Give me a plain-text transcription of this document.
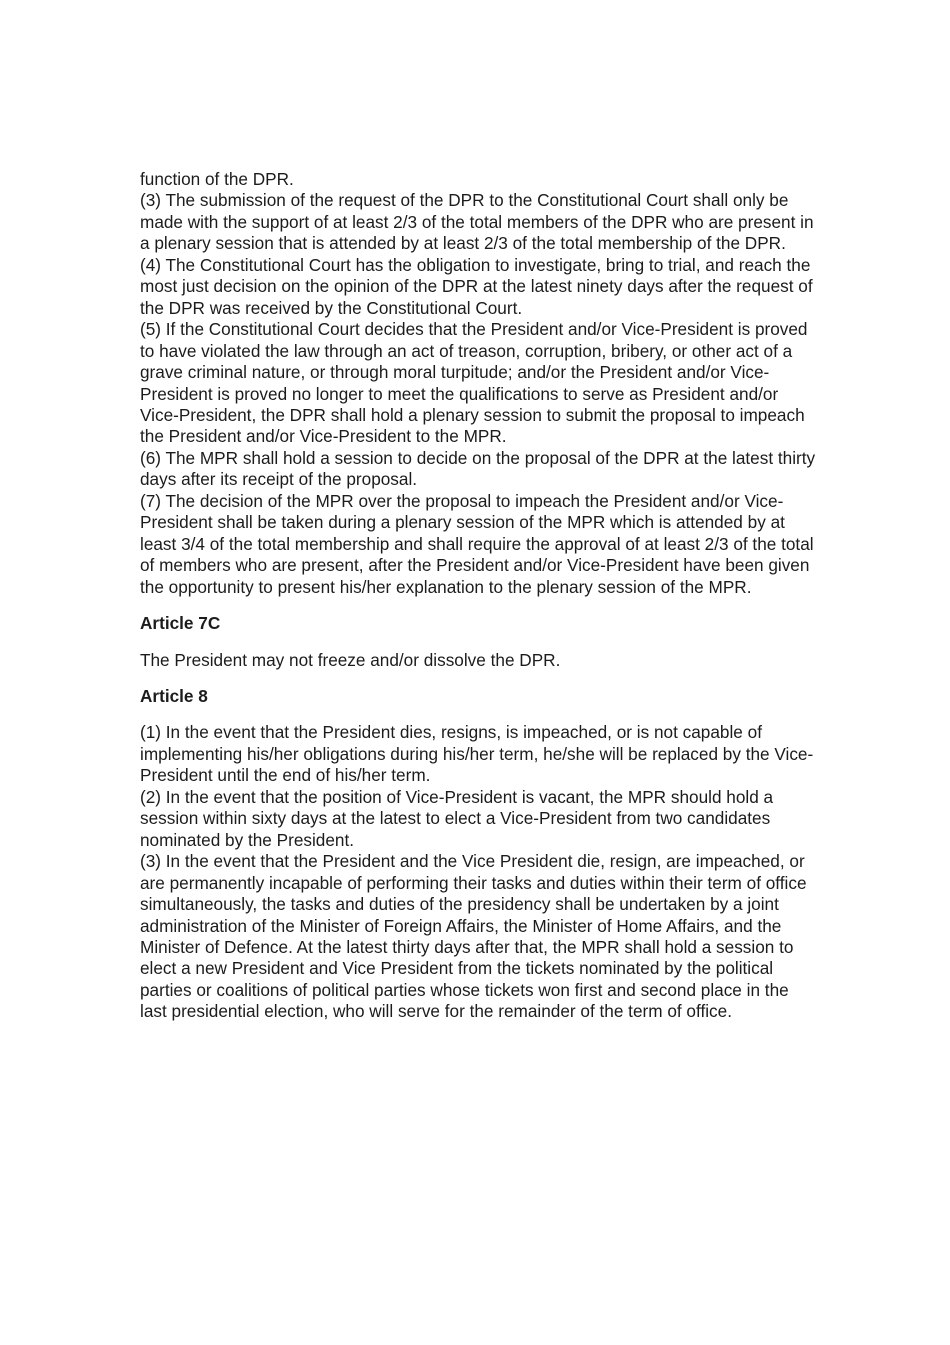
function of the DPR.

(3) The submission of the request of the DPR to the Constitutional Court shall only be made with the support of at least 2/3 of the total members of the DPR who are present in a plenary session that is attended by at least 2/3 of the total membership of the DPR.

(4) The Constitutional Court has the obligation to investigate, bring to trial, and reach the most just decision on the opinion of the DPR at the latest ninety days after the request of the DPR was received by the Constitutional Court.

(5) If the Constitutional Court decides that the President and/or Vice-President is proved to have violated the law through an act of treason, corruption, bribery, or other act of a grave criminal nature, or through moral turpitude; and/or the President and/or Vice-President is proved no longer to meet the qualifications to serve as President and/or Vice-President, the DPR shall hold a plenary session to submit the proposal to impeach the President and/or Vice-President to the MPR.

(6) The MPR shall hold a session to decide on the proposal of the DPR at the latest thirty days after its receipt of the proposal.

(7) The decision of the MPR over the proposal to impeach the President and/or Vice-President shall be taken during a plenary session of the MPR which is attended by at least 3/4 of the total membership and shall require the approval of at least 2/3 of the total of members who are present, after the President and/or Vice-President have been given the opportunity to present his/her explanation to the plenary session of the MPR.

Article 7C

The President may not freeze and/or dissolve the DPR.

Article 8

(1) In the event that the President dies, resigns, is impeached, or is not capable of implementing his/her obligations during his/her term, he/she will be replaced by the Vice-President until the end of his/her term.

(2) In the event that the position of Vice-President is vacant, the MPR should hold a session within sixty days at the latest to elect a Vice-President from two candidates nominated by the President.

(3) In the event that the President and the Vice President die, resign, are impeached, or are permanently incapable of performing their tasks and duties within their term of office simultaneously, the tasks and duties of the presidency shall be undertaken by a joint administration of the Minister of Foreign Affairs, the Minister of Home Affairs, and the Minister of Defence. At the latest thirty days after that, the MPR shall hold a session to elect a new President and Vice President from the tickets nominated by the political parties or coalitions of political parties whose tickets won first and second place in the last presidential election, who will serve for the remainder of the term of office.
